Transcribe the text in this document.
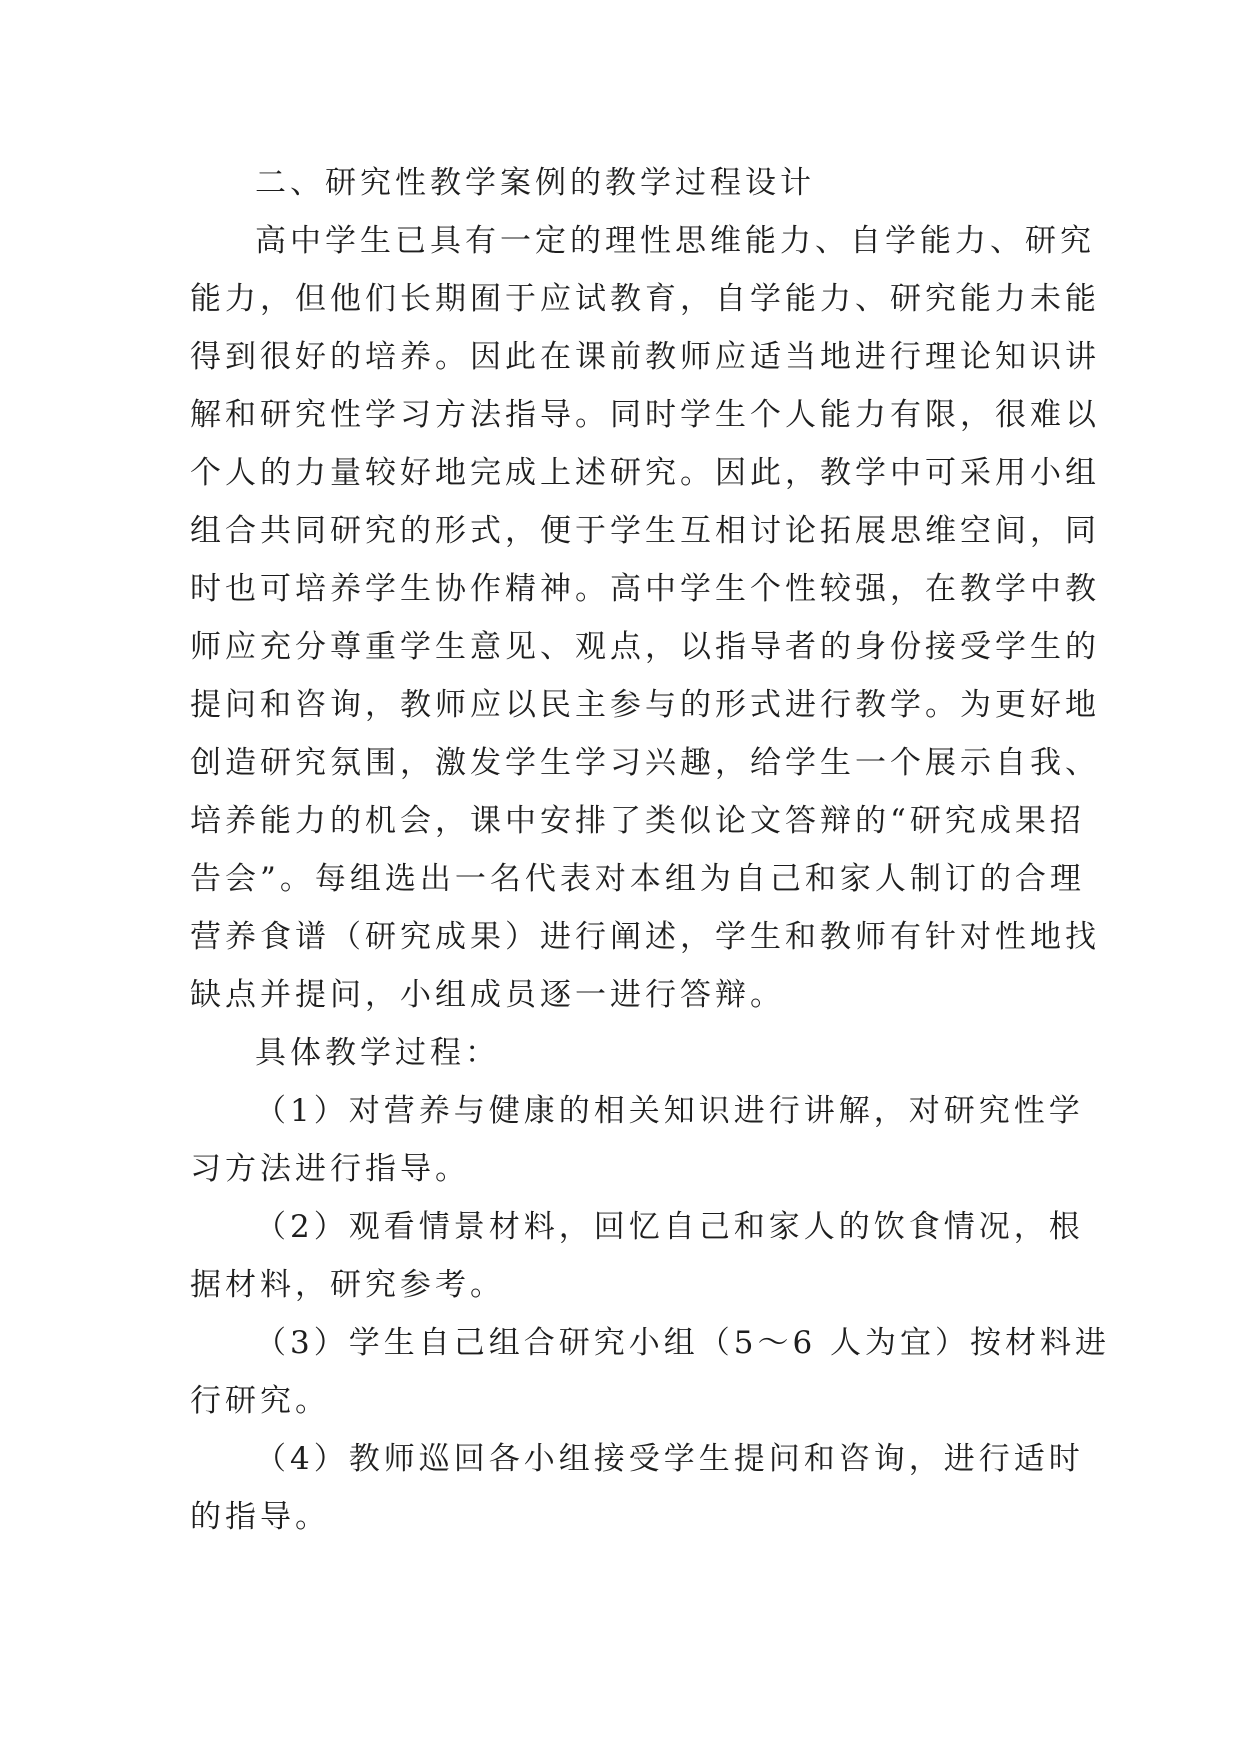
二、研究性教学案例的教学过程设计
高中学生已具有一定的理性思维能力、自学能力、研究
能力，但他们长期囿于应试教育，自学能力、研究能力未能
得到很好的培养。因此在课前教师应适当地进行理论知识讲
解和研究性学习方法指导。同时学生个人能力有限，很难以
个人的力量较好地完成上述研究。因此，教学中可采用小组
组合共同研究的形式，便于学生互相讨论拓展思维空间，同
时也可培养学生协作精神。高中学生个性较强，在教学中教
师应充分尊重学生意见、观点，以指导者的身份接受学生的
提问和咨询，教师应以民主参与的形式进行教学。为更好地
创造研究氛围，激发学生学习兴趣，给学生一个展示自我、
培养能力的机会，课中安排了类似论文答辩的“研究成果招
告会”。每组选出一名代表对本组为自己和家人制订的合理
营养食谱（研究成果）进行阐述，学生和教师有针对性地找
缺点并提问，小组成员逐一进行答辩。
具体教学过程：
（1）对营养与健康的相关知识进行讲解，对研究性学
习方法进行指导。
（2）观看情景材料，回忆自己和家人的饮食情况，根
据材料，研究参考。
（3）学生自己组合研究小组（5～6 人为宜）按材料进
行研究。
（4）教师巡回各小组接受学生提问和咨询，进行适时
的指导。
